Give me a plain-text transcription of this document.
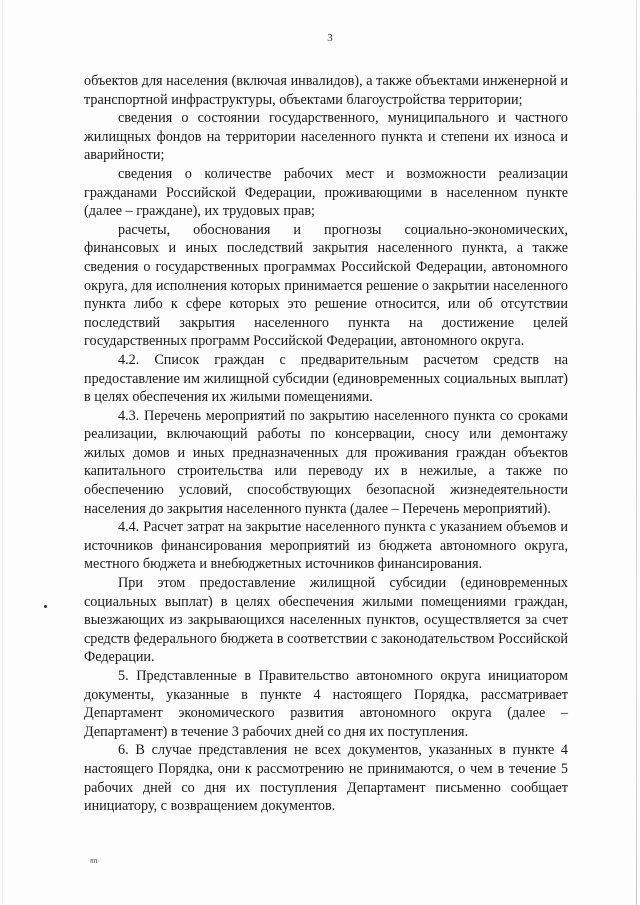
3

объектов для населения (включая инвалидов), а также объектами инженерной и транспортной инфраструктуры, объектами благоустройства территории;

сведения о состоянии государственного, муниципального и частного жилищных фондов на территории населенного пункта и степени их износа и аварийности;

сведения о количестве рабочих мест и возможности реализации гражданами Российской Федерации, проживающими в населенном пункте (далее – граждане), их трудовых прав;

расчеты, обоснования и прогнозы социально-экономических, финансовых и иных последствий закрытия населенного пункта, а также сведения о государственных программах Российской Федерации, автономного округа, для исполнения которых принимается решение о закрытии населенного пункта либо к сфере которых это решение относится, или об отсутствии последствий закрытия населенного пункта на достижение целей государственных программ Российской Федерации, автономного округа.

4.2. Список граждан с предварительным расчетом средств на предоставление им жилищной субсидии (единовременных социальных выплат) в целях обеспечения их жилыми помещениями.

4.3. Перечень мероприятий по закрытию населенного пункта со сроками реализации, включающий работы по консервации, сносу или демонтажу жилых домов и иных предназначенных для проживания граждан объектов капитального строительства или переводу их в нежилые, а также по обеспечению условий, способствующих безопасной жизнедеятельности населения до закрытия населенного пункта (далее – Перечень мероприятий).

4.4. Расчет затрат на закрытие населенного пункта с указанием объемов и источников финансирования мероприятий из бюджета автономного округа, местного бюджета и внебюджетных источников финансирования.

При этом предоставление жилищной субсидии (единовременных социальных выплат) в целях обеспечения жилыми помещениями граждан, выезжающих из закрывающихся населенных пунктов, осуществляется за счет средств федерального бюджета в соответствии с законодательством Российской Федерации.

5. Представленные в Правительство автономного округа инициатором документы, указанные в пункте 4 настоящего Порядка, рассматривает Департамент экономического развития автономного округа (далее – Департамент) в течение 3 рабочих дней со дня их поступления.

6. В случае представления не всех документов, указанных в пункте 4 настоящего Порядка, они к рассмотрению не принимаются, о чем в течение 5 рабочих дней со дня их поступления Департамент письменно сообщает инициатору, с возвращением документов.

ππ
